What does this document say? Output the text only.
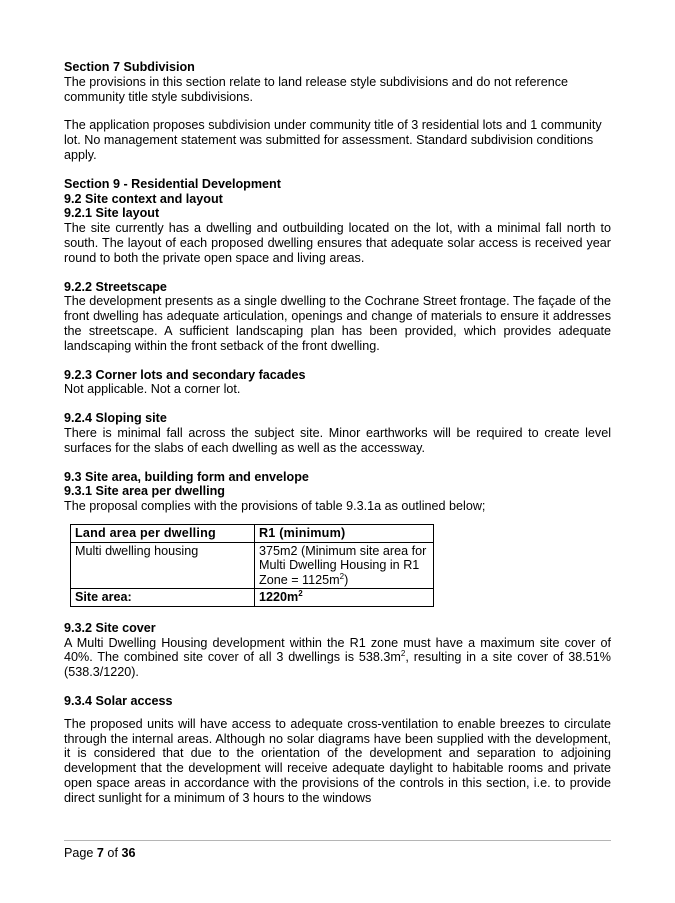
Section 7 Subdivision

The provisions in this section relate to land release style subdivisions and do not reference community title style subdivisions.

The application proposes subdivision under community title of 3 residential lots and 1 community lot. No management statement was submitted for assessment. Standard subdivision conditions apply.

Section 9 - Residential Development

9.2 Site context and layout

9.2.1 Site layout

The site currently has a dwelling and outbuilding located on the lot, with a minimal fall north to south. The layout of each proposed dwelling ensures that adequate solar access is received year round to both the private open space and living areas.

9.2.2 Streetscape

The development presents as a single dwelling to the Cochrane Street frontage. The façade of the front dwelling has adequate articulation, openings and change of materials to ensure it addresses the streetscape. A sufficient landscaping plan has been provided, which provides adequate landscaping within the front setback of the front dwelling.

9.2.3 Corner lots and secondary facades

Not applicable. Not a corner lot.

9.2.4 Sloping site

There is minimal fall across the subject site. Minor earthworks will be required to create level surfaces for the slabs of each dwelling as well as the accessway.

9.3 Site area, building form and envelope

9.3.1 Site area per dwelling

The proposal complies with the provisions of table 9.3.1a as outlined below;

Land area per dwelling	R1 (minimum)
Multi dwelling housing	375m2 (Minimum site area for Multi Dwelling Housing in R1 Zone = $1125m^2$)
Site area:	$1220m^2$

9.3.2 Site cover

A Multi Dwelling Housing development within the R1 zone must have a maximum site cover of 40%. The combined site cover of all 3 dwellings is $538.3m^2$, resulting in a site cover of 38.51% (538.3/1220).

9.3.4 Solar access

The proposed units will have access to adequate cross-ventilation to enable breezes to circulate through the internal areas. Although no solar diagrams have been supplied with the development, it is considered that due to the orientation of the development and separation to adjoining development that the development will receive adequate daylight to habitable rooms and private open space areas in accordance with the provisions of the controls in this section, i.e. to provide direct sunlight for a minimum of 3 hours to the windows

Page 7 of 36
